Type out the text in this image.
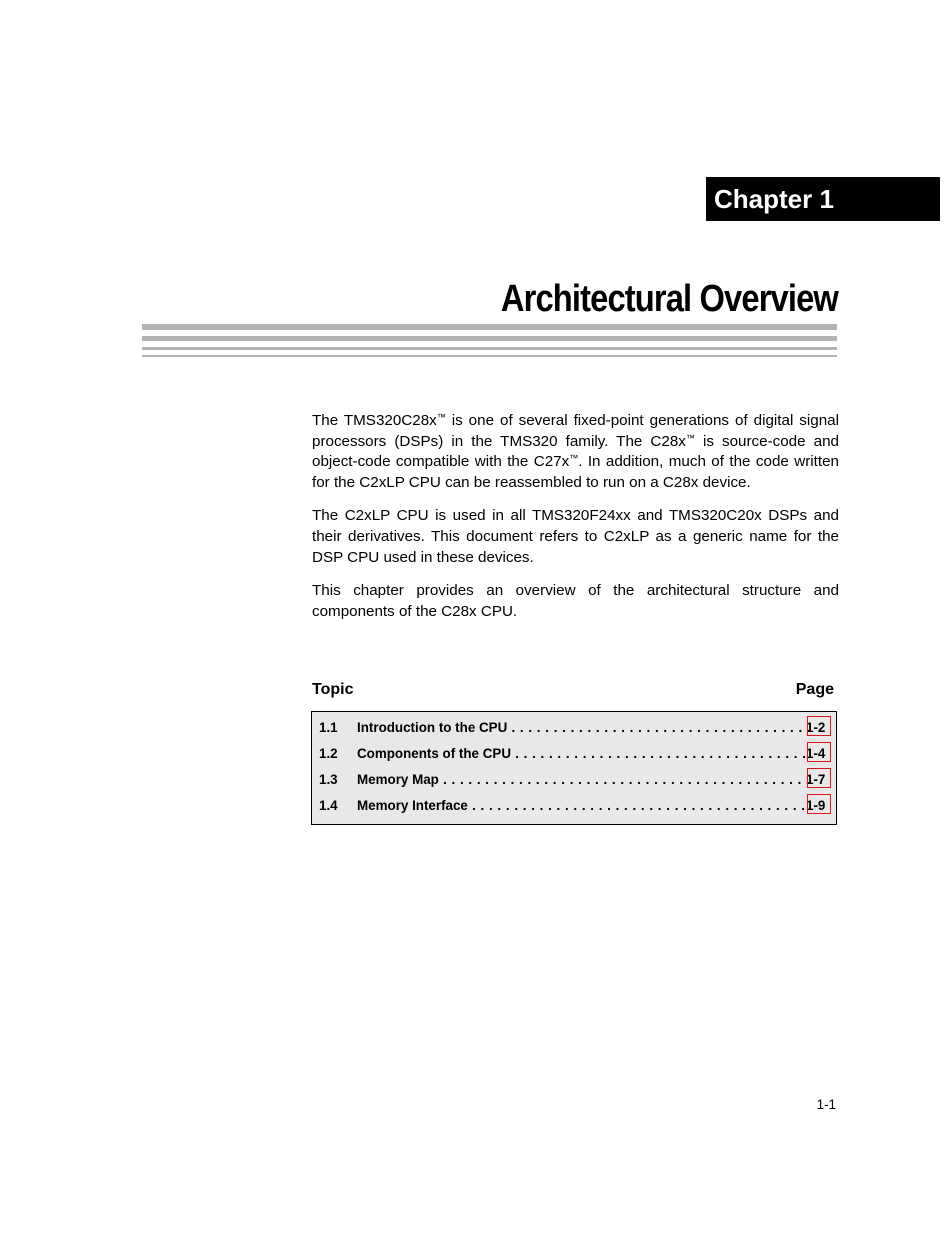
Chapter 1
Architectural Overview

The TMS320C28x™ is one of several fixed-point generations of digital signal processors (DSPs) in the TMS320 family. The C28x™ is source-code and object-code compatible with the C27x™. In addition, much of the code written for the C2xLP CPU can be reassembled to run on a C28x device.

The C2xLP CPU is used in all TMS320F24xx and TMS320C20x DSPs and their derivatives. This document refers to C2xLP as a generic name for the DSP CPU used in these devices.

This chapter provides an overview of the architectural structure and components of the C28x CPU.

Topic	Page
1.1 Introduction to the CPU . . .	1-2
1.2 Components of the CPU . . .	1-4
1.3 Memory Map . . .	1-7
1.4 Memory Interface . . .	1-9
1-1
